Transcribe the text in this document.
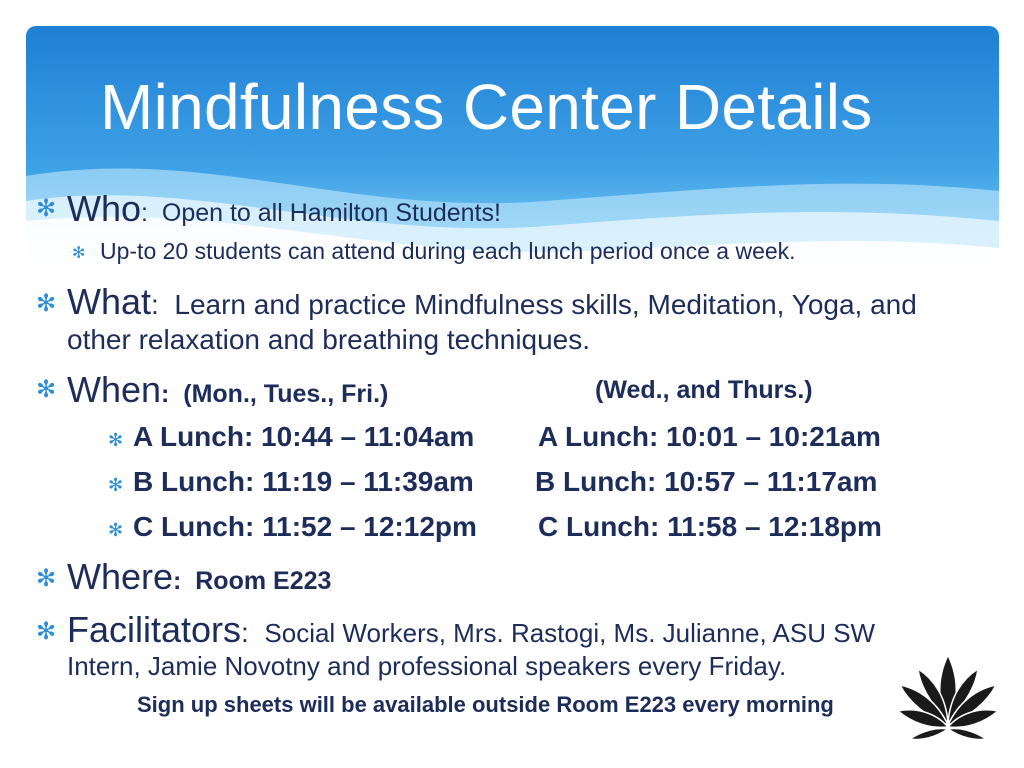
Mindfulness Center Details
✻ Who:  Open to all Hamilton Students!
✻ Up-to 20 students can attend during each lunch period once a week.
✻ What:  Learn and practice Mindfulness skills, Meditation, Yoga, and
other relaxation and breathing techniques.
✻ When:  (Mon., Tues., Fri.)	(Wed., and Thurs.)
✻ A Lunch: 10:44 – 11:04am A Lunch: 10:01 – 10:21am
✻ B Lunch: 11:19 – 11:39am B Lunch: 10:57 – 11:17am
✻ C Lunch: 11:52 – 12:12pm C Lunch: 11:58 – 12:18pm
✻ Where:  Room E223
✻ Facilitators:  Social Workers, Mrs. Rastogi, Ms. Julianne, ASU SW
Intern, Jamie Novotny and professional speakers every Friday.
Sign up sheets will be available outside Room E223 every morning
